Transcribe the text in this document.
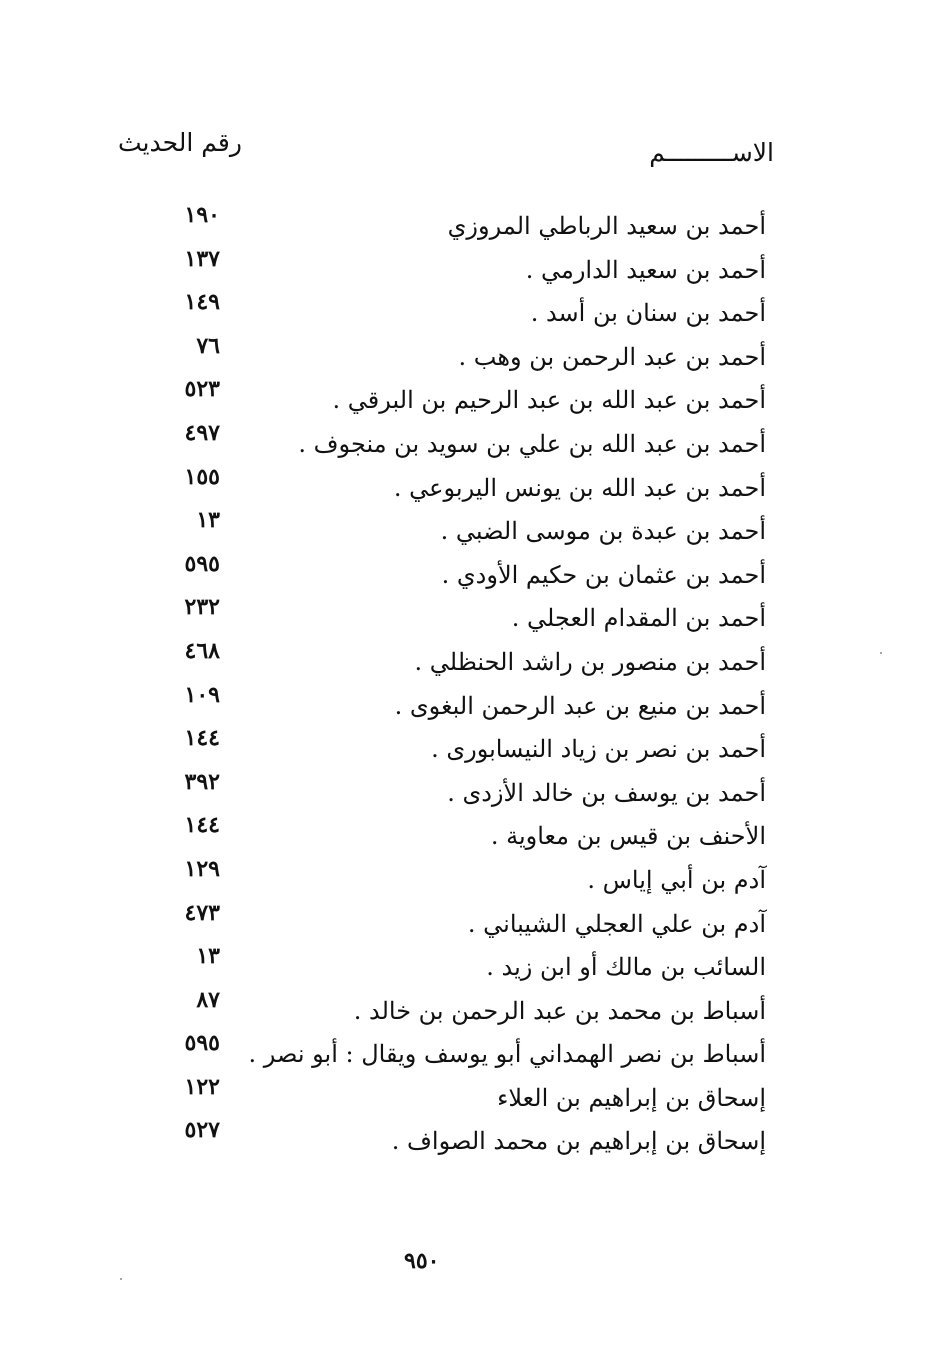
الاســـــــــم
رقم الحديث
أحمد بن سعيد الرباطي المروزي
١٩٠
أحمد بن سعيد الدارمي .
١٣٧
أحمد بن سنان بن أسد .
١٤٩
أحمد بن عبد الرحمن بن وهب .
٧٦
أحمد بن عبد الله بن عبد الرحيم بن البرقي .
٥٢٣
أحمد بن عبد الله بن علي بن سويد بن منجوف .
٤٩٧
أحمد بن عبد الله بن يونس اليربوعي .
١٥٥
أحمد بن عبدة بن موسى الضبي .
١٣
أحمد بن عثمان بن حكيم الأودي .
٥٩٥
أحمد بن المقدام العجلي .
٢٣٢
أحمد بن منصور بن راشد الحنظلي .
٤٦٨
أحمد بن منيع بن عبد الرحمن البغوى .
١٠٩
أحمد بن نصر بن زياد النيسابورى .
١٤٤
أحمد بن يوسف بن خالد الأزدى .
٣٩٢
الأحنف بن قيس بن معاوية .
١٤٤
آدم بن أبي إياس .
١٢٩
آدم بن علي العجلي الشيباني .
٤٧٣
السائب بن مالك أو ابن زيد .
١٣
أسباط بن محمد بن عبد الرحمن بن خالد .
٨٧
أسباط بن نصر الهمداني أبو يوسف ويقال : أبو نصر .
٥٩٥
إسحاق بن إبراهيم بن العلاء
١٢٢
إسحاق بن إبراهيم بن محمد الصواف .
٥٢٧
٩٥٠
